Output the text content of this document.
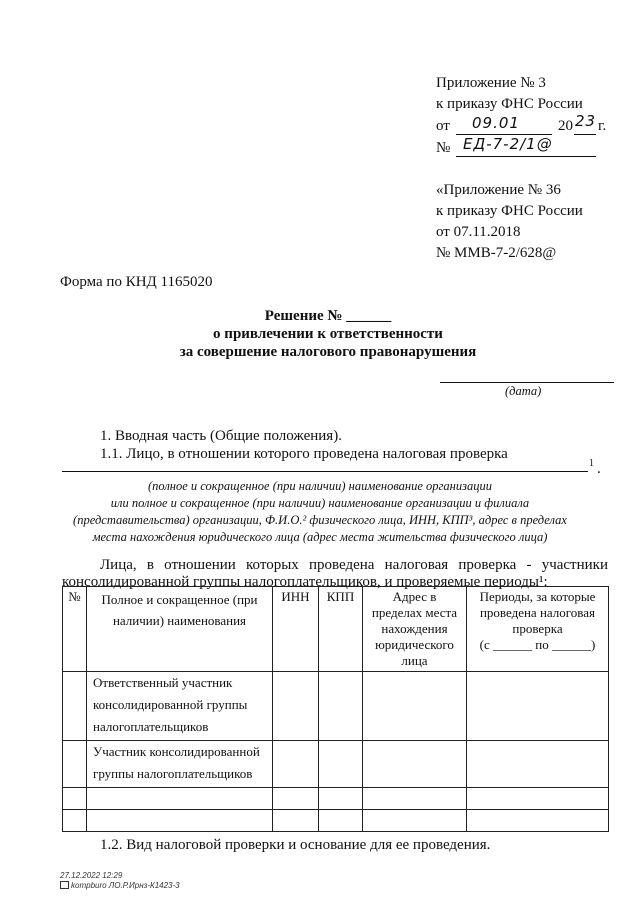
Приложение № 3
к приказу ФНС России
от 09.01	20 23 г.
№ ЕД-7-2/1@
«Приложение № 36
к приказу ФНС России
от 07.11.2018
№ ММВ-7-2/628@
Форма по КНД 1165020
Решение № ______
о привлечении к ответственности
за совершение налогового правонарушения
(дата)
1. Вводная часть (Общие положения).
1.1. Лицо, в отношении которого проведена налоговая проверка
1 .
(полное и сокращенное (при наличии) наименование организации
или полное и сокращенное (при наличии) наименование организации и филиала
(представительства) организации, Ф.И.О.² физического лица, ИНН, КПП³, адрес в пределах
места нахождения юридического лица (адрес места жительства физического лица)
Лица, в отношении которых проведена налоговая проверка - участники
консолидированной группы налогоплательщиков, и проверяемые периоды¹:
№	Полное и сокращенное (при наличии) наименования	ИНН	КПП	Адрес в пределах места нахождения юридического лица	Периоды, за которые проведена налоговая проверка
(с ______ по ______)
	Ответственный участник консолидированной группы налогоплательщиков				
	Участник консолидированной группы налогоплательщиков				

1.2. Вид налоговой проверки и основание для ее проведения.
27.12.2022 12:29
kompburo ЛО.Р.Ирнз-К1423-3
